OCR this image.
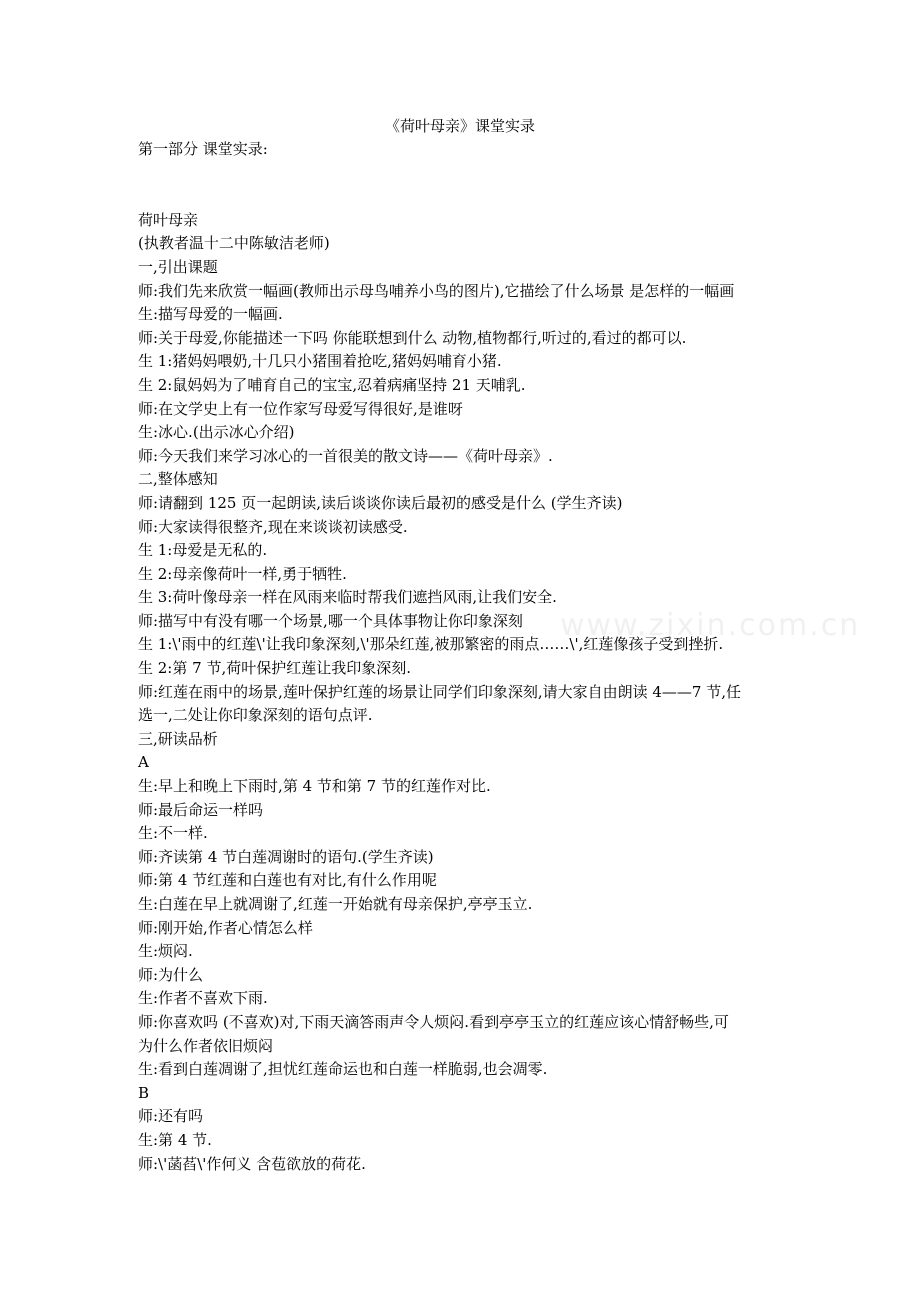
www.zixin.com.cn
《荷叶母亲》课堂实录
第一部分 课堂实录:
荷叶母亲
(执教者温十二中陈敏洁老师)
一,引出课题
师:我们先来欣赏一幅画(教师出示母鸟哺养小鸟的图片),它描绘了什么场景 是怎样的一幅画
生:描写母爱的一幅画.
师:关于母爱,你能描述一下吗 你能联想到什么 动物,植物都行,听过的,看过的都可以.
生 1:猪妈妈喂奶,十几只小猪围着抢吃,猪妈妈哺育小猪.
生 2:鼠妈妈为了哺育自己的宝宝,忍着病痛坚持 21 天哺乳.
师:在文学史上有一位作家写母爱写得很好,是谁呀
生:冰心.(出示冰心介绍)
师:今天我们来学习冰心的一首很美的散文诗——《荷叶母亲》.
二,整体感知
师:请翻到 125 页一起朗读,读后谈谈你读后最初的感受是什么 (学生齐读)
师:大家读得很整齐,现在来谈谈初读感受.
生 1:母爱是无私的.
生 2:母亲像荷叶一样,勇于牺牲.
生 3:荷叶像母亲一样在风雨来临时帮我们遮挡风雨,让我们安全.
师:描写中有没有哪一个场景,哪一个具体事物让你印象深刻
生 1:\'雨中的红莲\'让我印象深刻,\'那朵红莲,被那繁密的雨点……\',红莲像孩子受到挫折.
生 2:第 7 节,荷叶保护红莲让我印象深刻.
师:红莲在雨中的场景,莲叶保护红莲的场景让同学们印象深刻,请大家自由朗读 4——7 节,任
选一,二处让你印象深刻的语句点评.
三,研读品析
A
生:早上和晚上下雨时,第 4 节和第 7 节的红莲作对比.
师:最后命运一样吗
生:不一样.
师:齐读第 4 节白莲凋谢时的语句.(学生齐读)
师:第 4 节红莲和白莲也有对比,有什么作用呢
生:白莲在早上就凋谢了,红莲一开始就有母亲保护,亭亭玉立.
师:刚开始,作者心情怎么样
生:烦闷.
师:为什么
生:作者不喜欢下雨.
师:你喜欢吗 (不喜欢)对,下雨天滴答雨声令人烦闷.看到亭亭玉立的红莲应该心情舒畅些,可
为什么作者依旧烦闷
生:看到白莲凋谢了,担忧红莲命运也和白莲一样脆弱,也会凋零.
B
师:还有吗
生:第 4 节.
师:\'菡萏\'作何义 含苞欲放的荷花.
